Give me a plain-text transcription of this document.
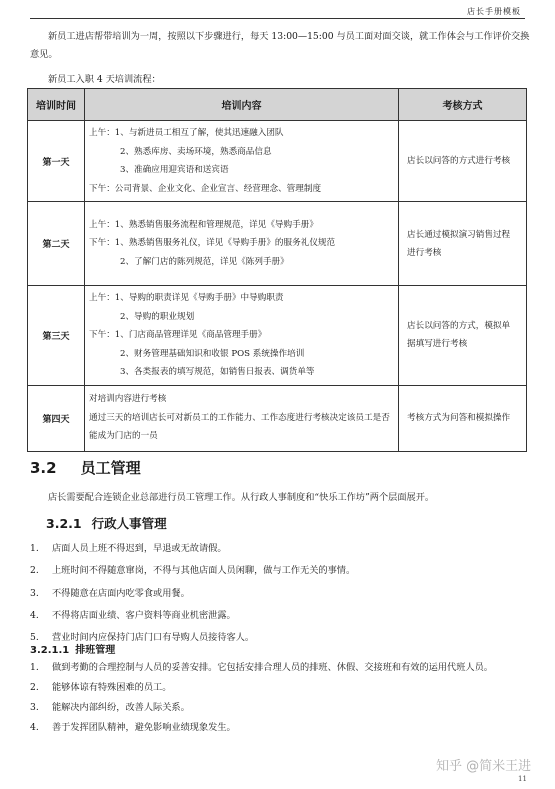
店长手册模板

新员工进店帮带培训为一周，按照以下步骤进行，每天 13:00—15:00 与员工面对面交谈，就工作体会与工作评价交换意见。

新员工入职 4 天培训流程：
培训时间	培训内容	考核方式
第一天	上午：1、与新进员工相互了解，使其迅速融入团队
2、熟悉库房、卖场环境，熟悉商品信息
3、准确应用迎宾语和送宾语
下午：公司背景、企业文化、企业宣言、经营理念、管理制度	店长以问答的方式进行考核
第二天	上午：1、熟悉销售服务流程和管理规范，详见《导购手册》
下午：1、熟悉销售服务礼仪，详见《导购手册》的服务礼仪规范
2、了解门店的陈列规范，详见《陈列手册》	店长通过模拟演习销售过程进行考核
第三天	上午：1、导购的职责详见《导购手册》中导购职责
2、导购的职业规划
下午：1、门店商品管理详见《商品管理手册》
2、财务管理基础知识和收银 POS 系统操作培训
3、各类报表的填写规范，如销售日报表、调货单等	店长以问答的方式，模拟单据填写进行考核
第四天	对培训内容进行考核
通过三天的培训店长可对新员工的工作能力、工作态度进行考核决定该员工是否能成为门店的一员	考核方式为问答和模拟操作
3.2 员工管理
店长需要配合连锁企业总部进行员工管理工作。从行政人事制度和“快乐工作坊”两个层面展开。
3.2.1 行政人事管理
1. 店面人员上班不得迟到，早退或无故请假。
2. 上班时间不得随意窜岗，不得与其他店面人员闲聊，做与工作无关的事情。
3. 不得随意在店面内吃零食或用餐。
4. 不得将店面业绩、客户资料等商业机密泄露。
5. 营业时间内应保持门店门口有导购人员接待客人。
3.2.1.1 排班管理
1. 做到考勤的合理控制与人员的妥善安排。它包括安排合理人员的排班、休假、交接班和有效的运用代班人员。
2. 能够体谅有特殊困难的员工。
3. 能解决内部纠纷，改善人际关系。
4. 善于发挥团队精神，避免影响业绩现象发生。
知乎 @简米王进
11
